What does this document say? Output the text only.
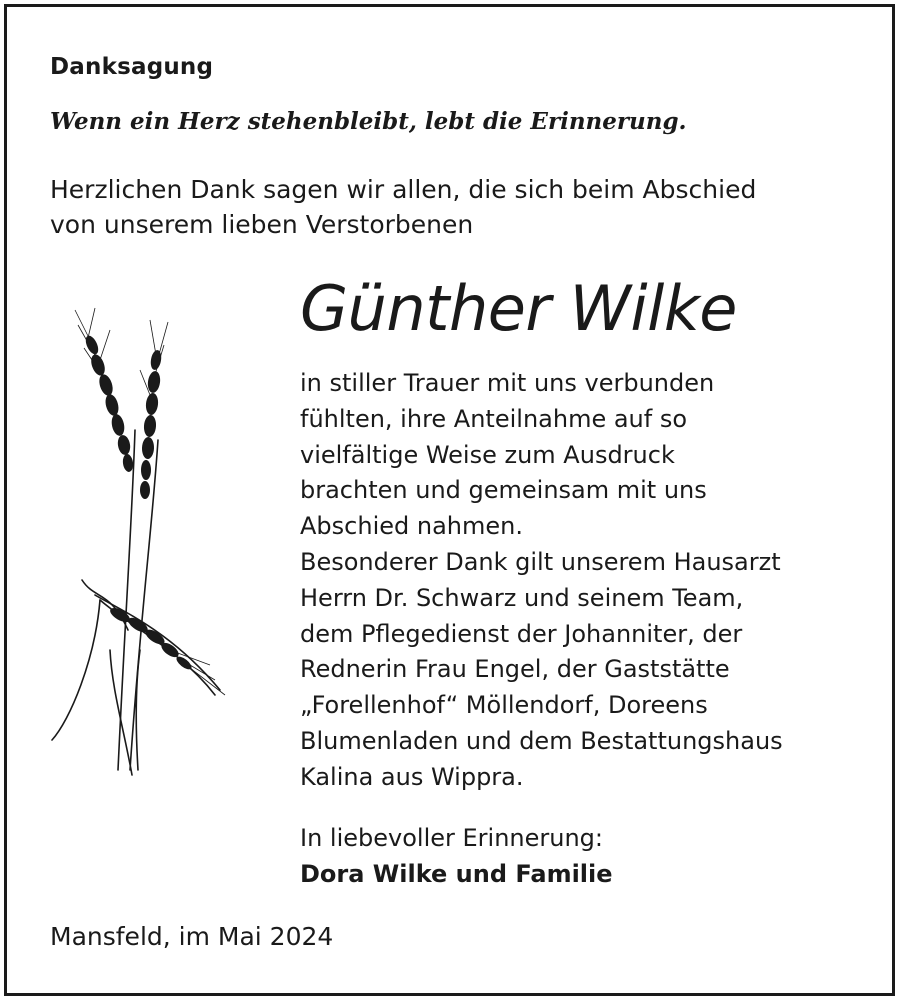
Danksagung
Wenn ein Herz stehenbleibt, lebt die Erinnerung.
Herzlichen Dank sagen wir allen, die sich beim Abschied
von unserem lieben Verstorbenen
Günther Wilke
in stiller Trauer mit uns verbunden
fühlten, ihre Anteilnahme auf so
vielfältige Weise zum Ausdruck
brachten und gemeinsam mit uns
Abschied nahmen.
Besonderer Dank gilt unserem Hausarzt
Herrn Dr. Schwarz und seinem Team,
dem Pflegedienst der Johanniter, der
Rednerin Frau Engel, der Gaststätte
„Forellenhof“ Möllendorf, Doreens
Blumenladen und dem Bestattungshaus
Kalina aus Wippra.
In liebevoller Erinnerung:
Dora Wilke und Familie
Mansfeld, im Mai 2024
